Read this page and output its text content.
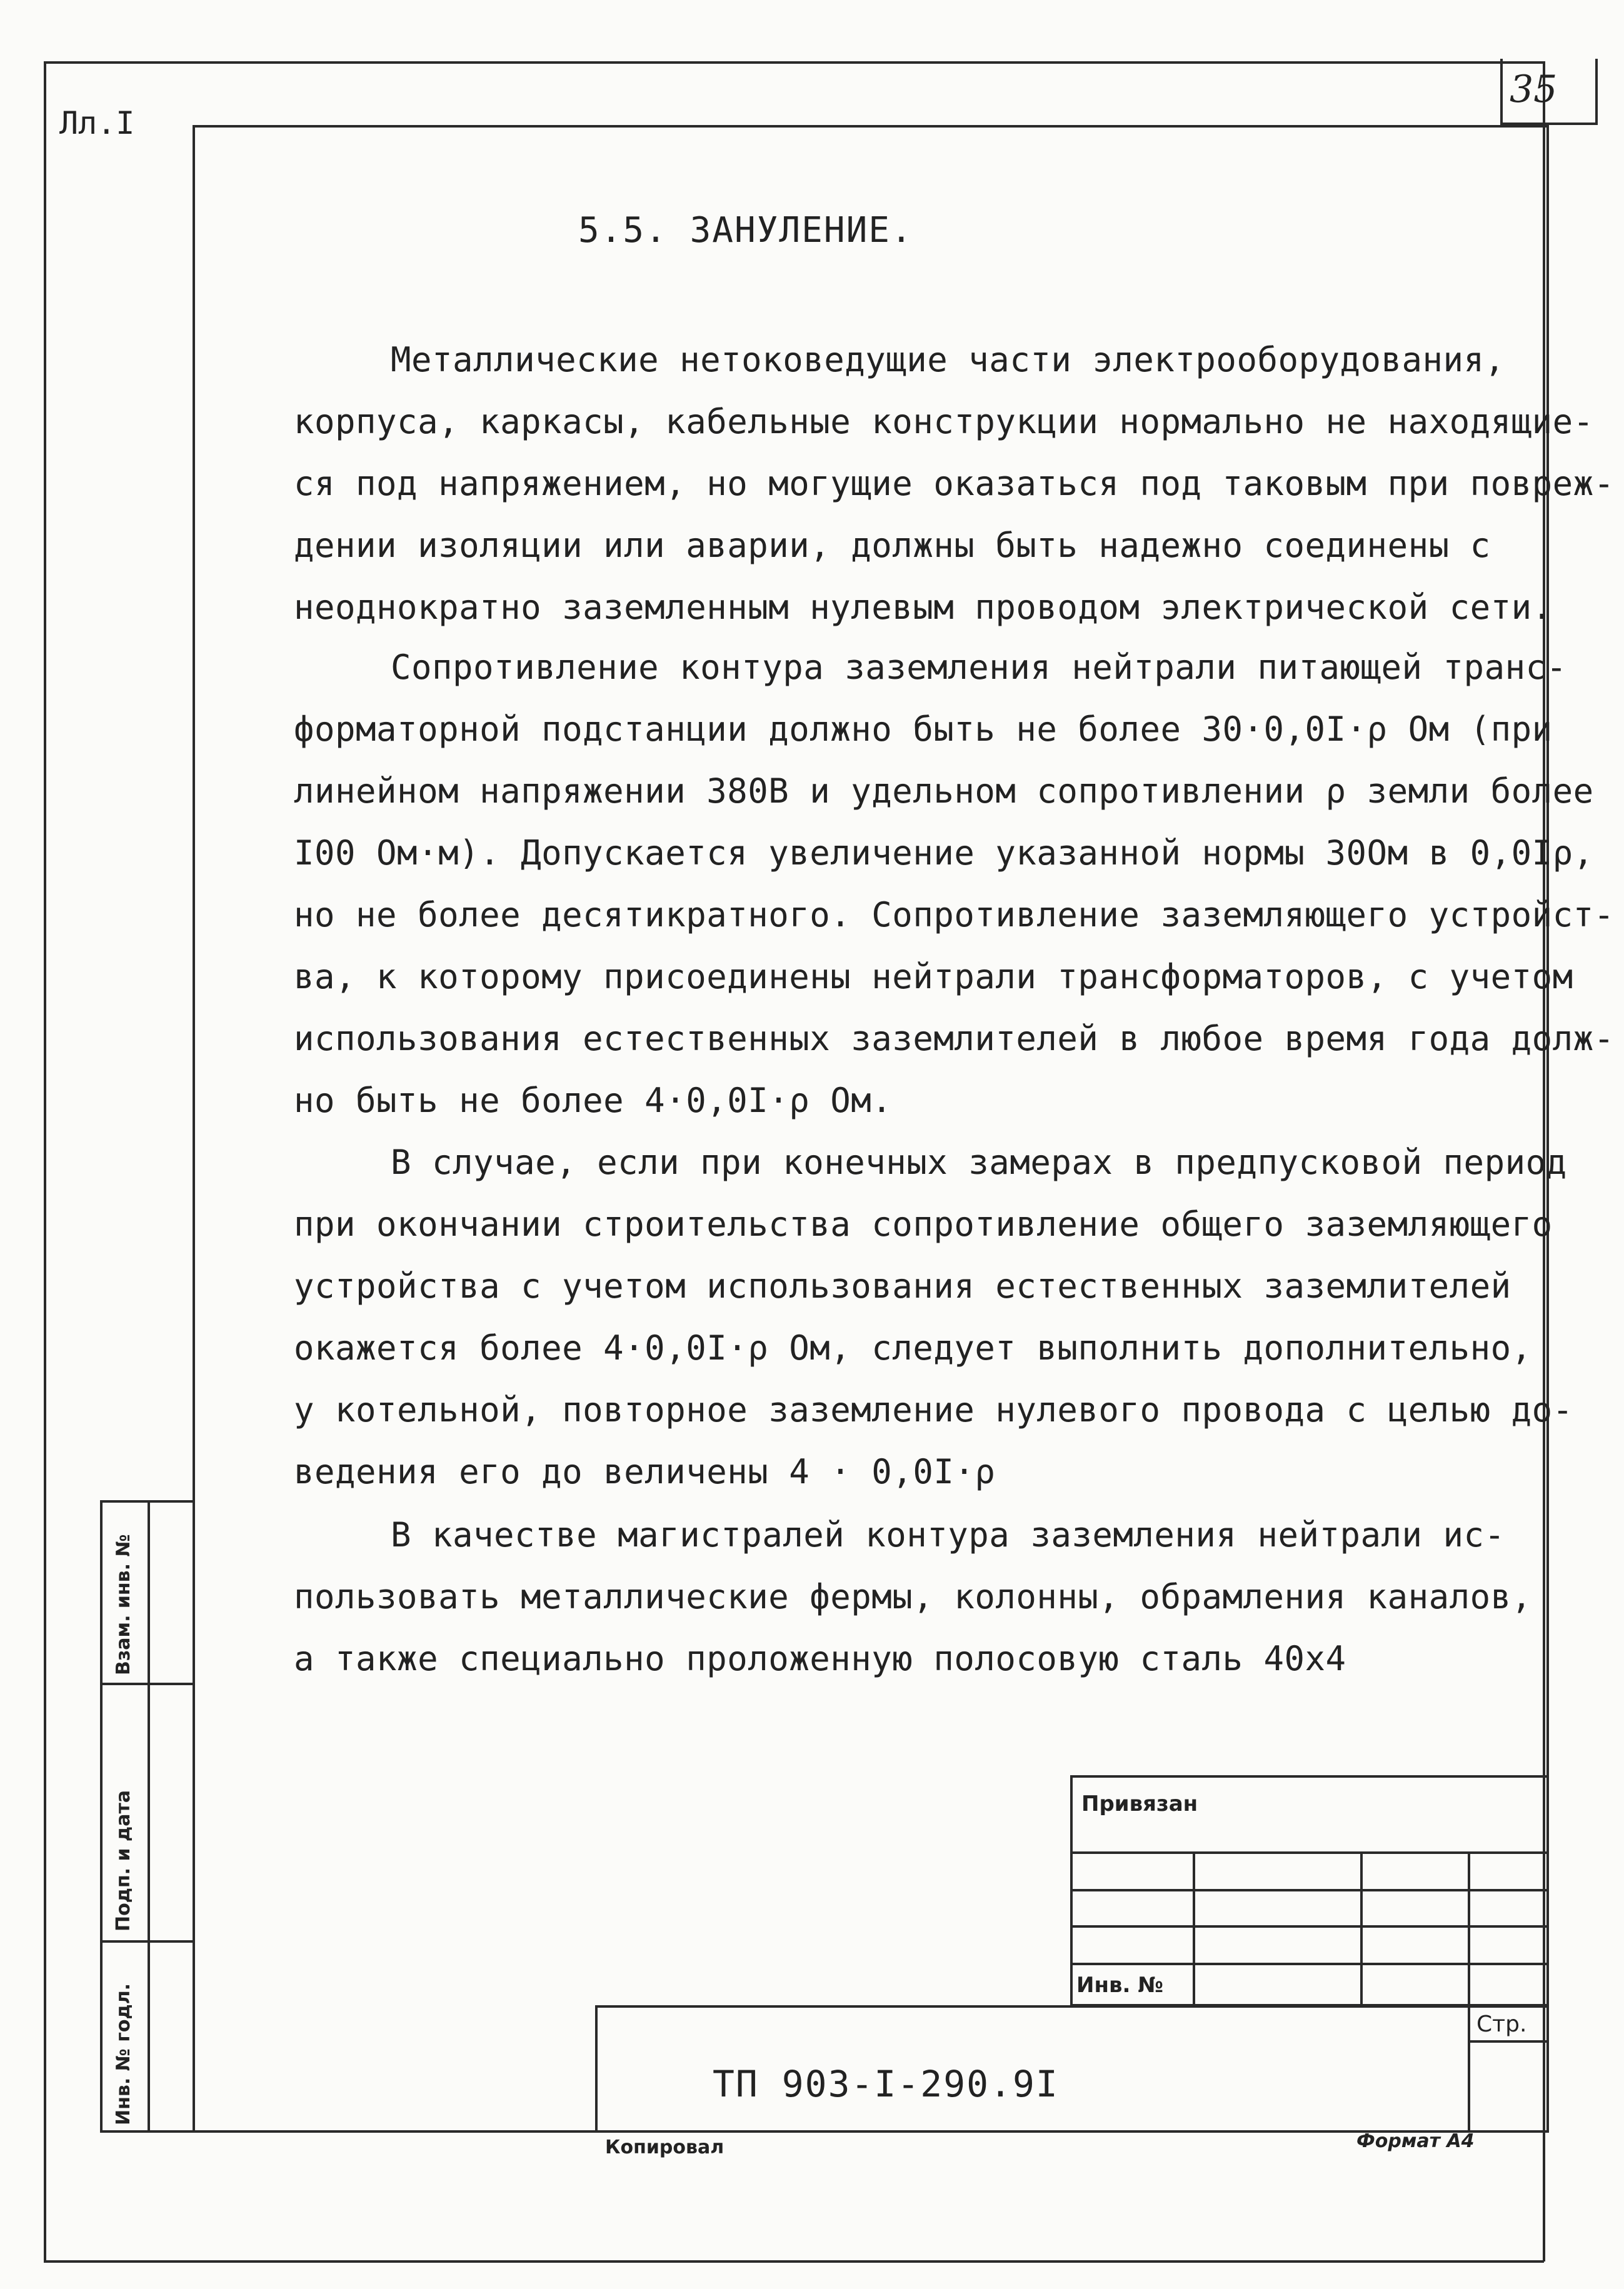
35
Лл.I
5.5. ЗАНУЛЕНИЕ.
Металлические нетоковедущие части электрооборудования,
корпуса, каркасы, кабельные конструкции нормально не находящие-
ся под напряжением, но могущие оказаться под таковым при повреж-
дении изоляции или аварии, должны быть надежно соединены с
неоднократно заземленным нулевым проводом электрической сети.
Сопротивление контура заземления нейтрали питающей транс-
форматорной подстанции должно быть не более 30·0,0I·ρ Ом (при
линейном напряжении 380В и удельном сопротивлении ρ земли более
I00 Ом·м). Допускается увеличение указанной нормы 30Ом в 0,0Iρ,
но не более десятикратного. Сопротивление заземляющего устройст-
ва, к которому присоединены нейтрали трансформаторов, с учетом
использования естественных заземлителей в любое время года долж-
но быть не более 4·0,0I·ρ Ом.
В случае, если при конечных замерах в предпусковой период
при окончании строительства сопротивление общего заземляющего
устройства с учетом использования естественных заземлителей
окажется более 4·0,0I·ρ Ом, следует выполнить дополнительно,
у котельной, повторное заземление нулевого провода с целью до-
ведения его до величены 4 · 0,0I·ρ
В качестве магистралей контура заземления нейтрали ис-
пользовать металлические фермы, колонны, обрамления каналов,
а также специально проложенную полосовую сталь 40х4
Взам. инв. №
Подп. и дата
Инв. № годл.
Привязан
Инв. №
Стр.
ТП 903-I-290.9I
Копировал	Формат А4
